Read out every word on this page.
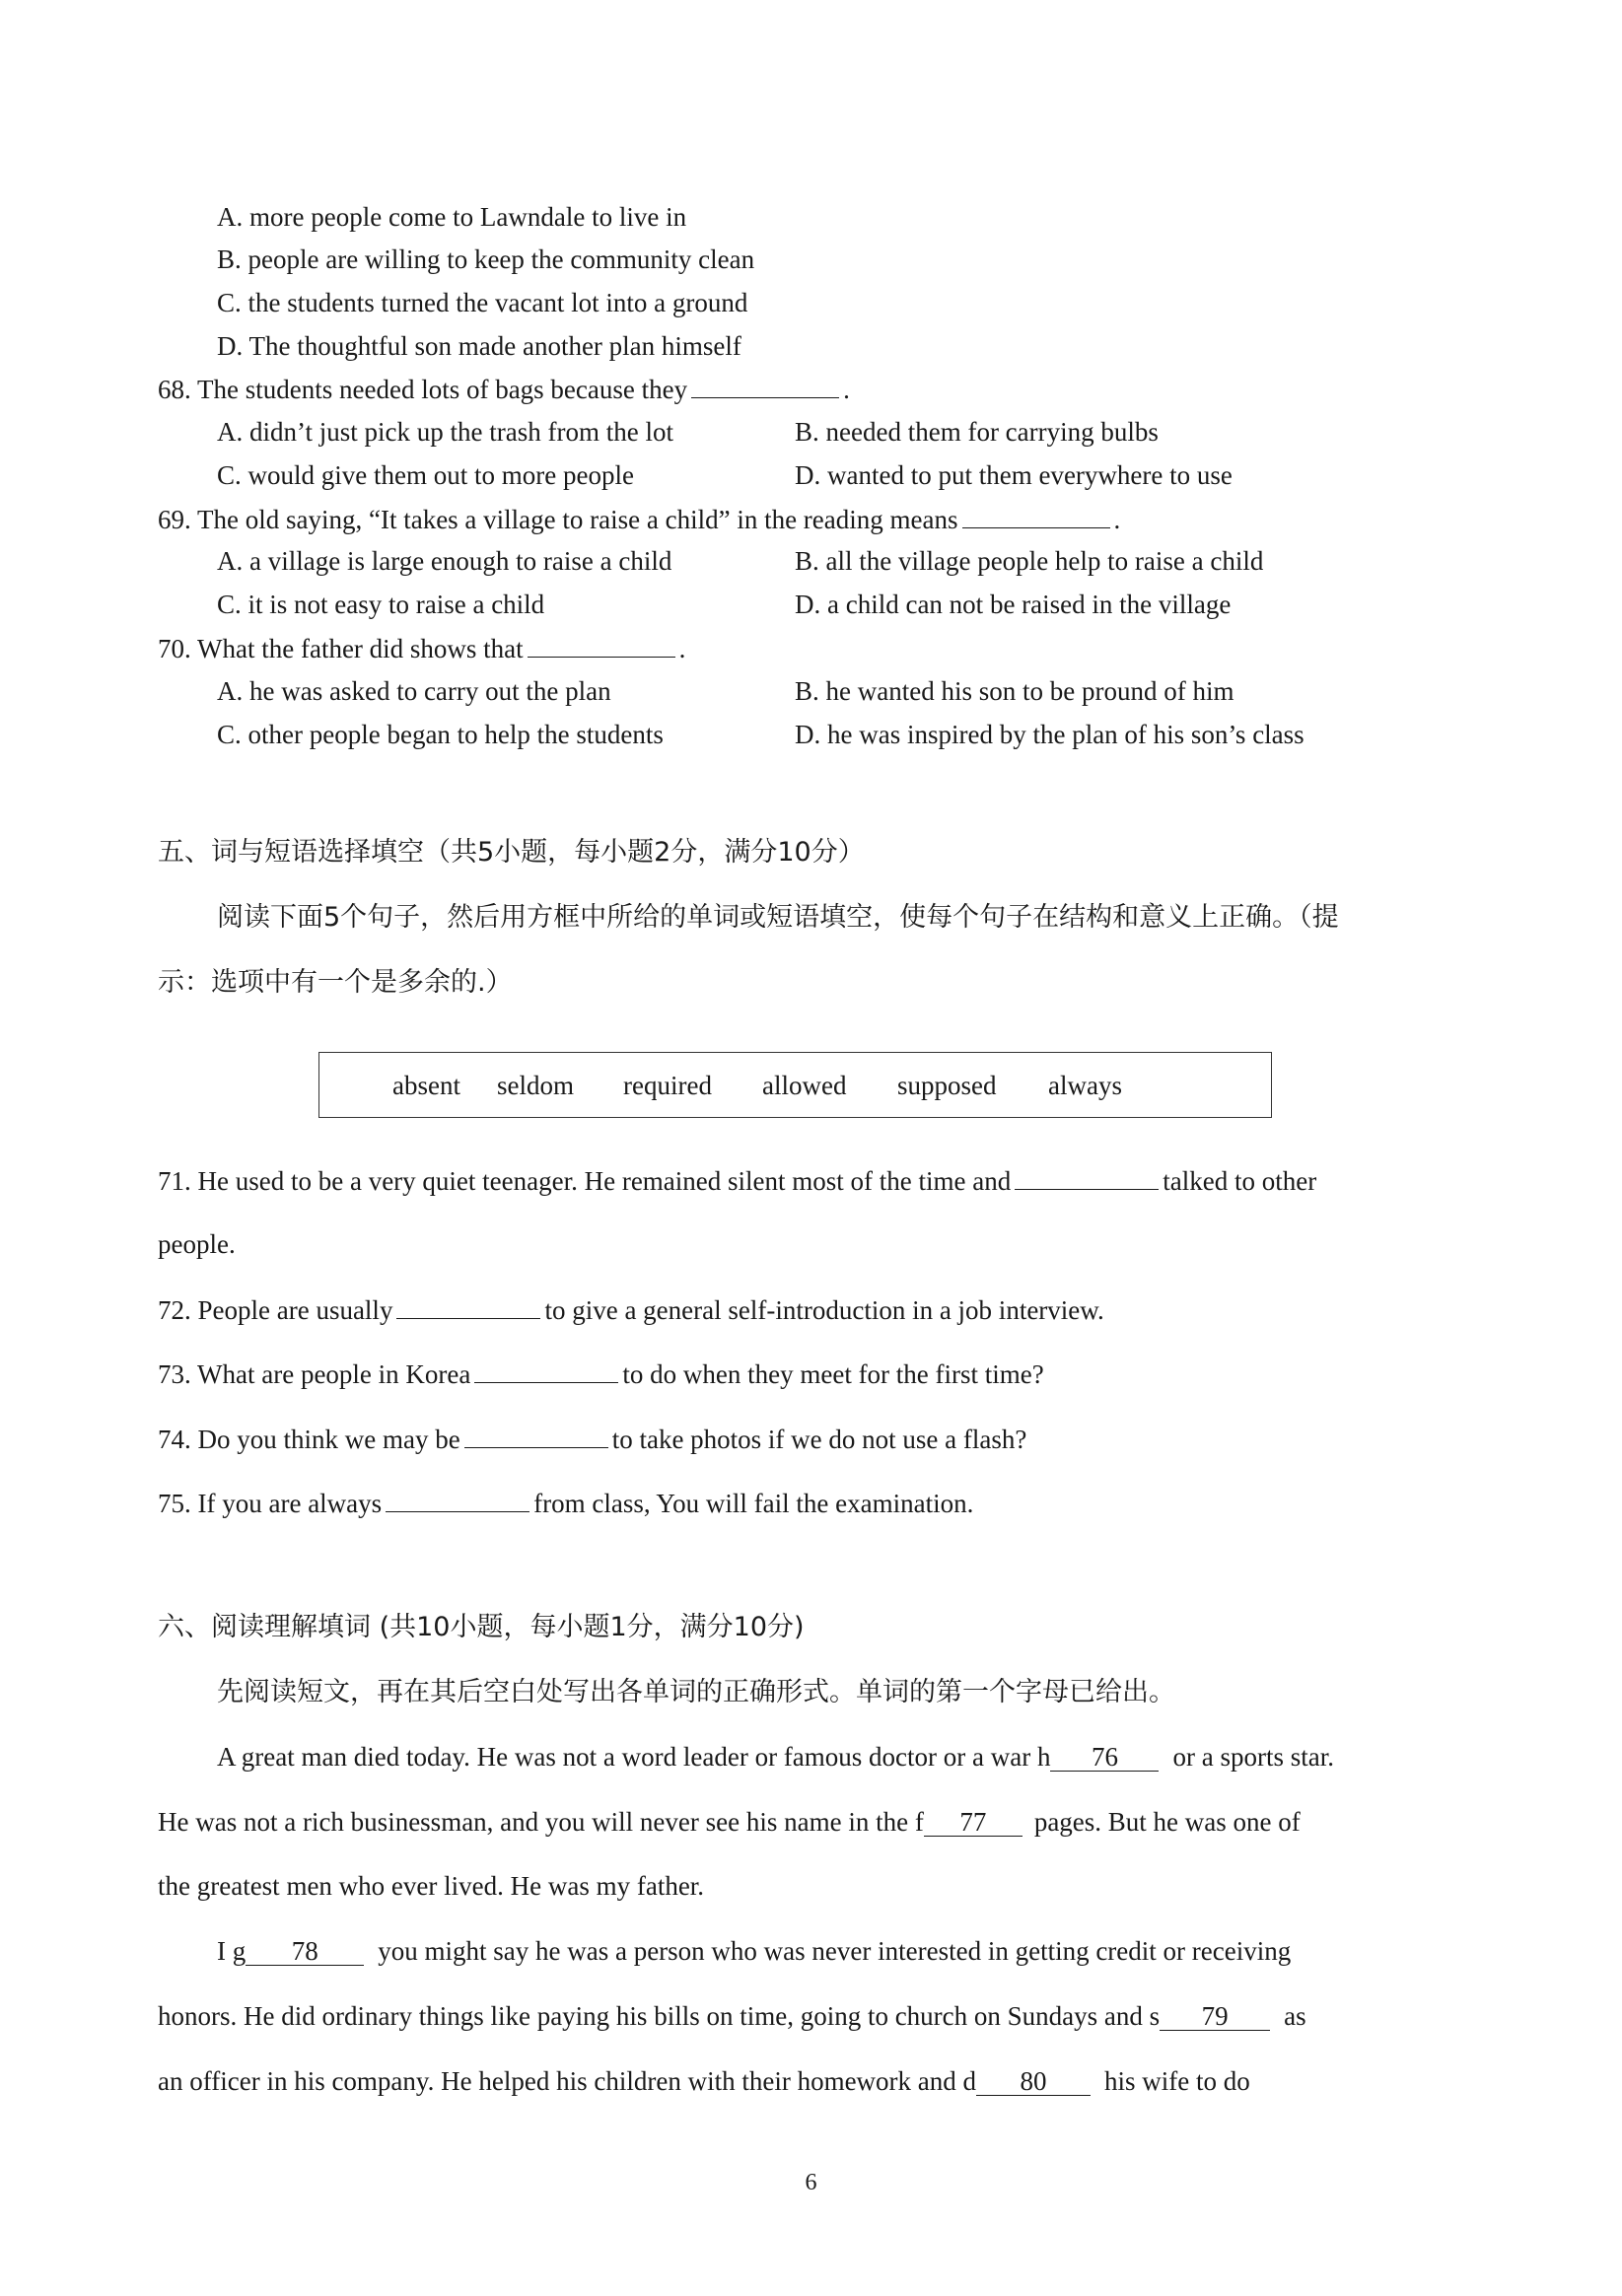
A. more people come to Lawndale to live in
B. people are willing to keep the community clean
C. the students turned the vacant lot into a ground
D. The thoughtful son made another plan himself
68. The students needed lots of bags because they	.
A. didn’t just pick up the trash from the lot	B. needed them for carrying bulbs
C. would give them out to more people	D. wanted to put them everywhere to use
69. The old saying, “It takes a village to raise a child” in the reading means	.
A. a village is large enough to raise a child	B. all the village people help to raise a child
C. it is not easy to raise a child	D. a child can not be raised in the village
70. What the father did shows that	.
A. he was asked to carry out the plan	B. he wanted his son to be pround of him
C. other people began to help the students	D. he was inspired by the plan of his son’s class
五、词与短语选择填空（共5小题，每小题2分，满分10分）
阅读下面5个句子，然后用方框中所给的单词或短语填空，使每个句子在结构和意义上正确。（提
示：选项中有一个是多余的.）
absent seldom required allowed supposed always
71. He used to be a very quiet teenager. He remained silent most of the time and	talked to other
people.
72. People are usually	to give a general self-introduction in a job interview.
73. What are people in Korea	to do when they meet for the first time?
74. Do you think we may be	to take photos if we do not use a flash?
75. If you are always	from class, You will fail the examination.
六、阅读理解填词 (共10小题，每小题1分，满分10分)
先阅读短文，再在其后空白处写出各单词的正确形式。单词的第一个字母已给出。
A great man died today. He was not a word leader or famous doctor or a war h 76 or a sports star.
He was not a rich businessman, and you will never see his name in the f 77 pages. But he was one of
the greatest men who ever lived. He was my father.
I g 78 you might say he was a person who was never interested in getting credit or receiving
honors. He did ordinary things like paying his bills on time, going to church on Sundays and s 79 as
an officer in his company. He helped his children with their homework and d 80 his wife to do
6
